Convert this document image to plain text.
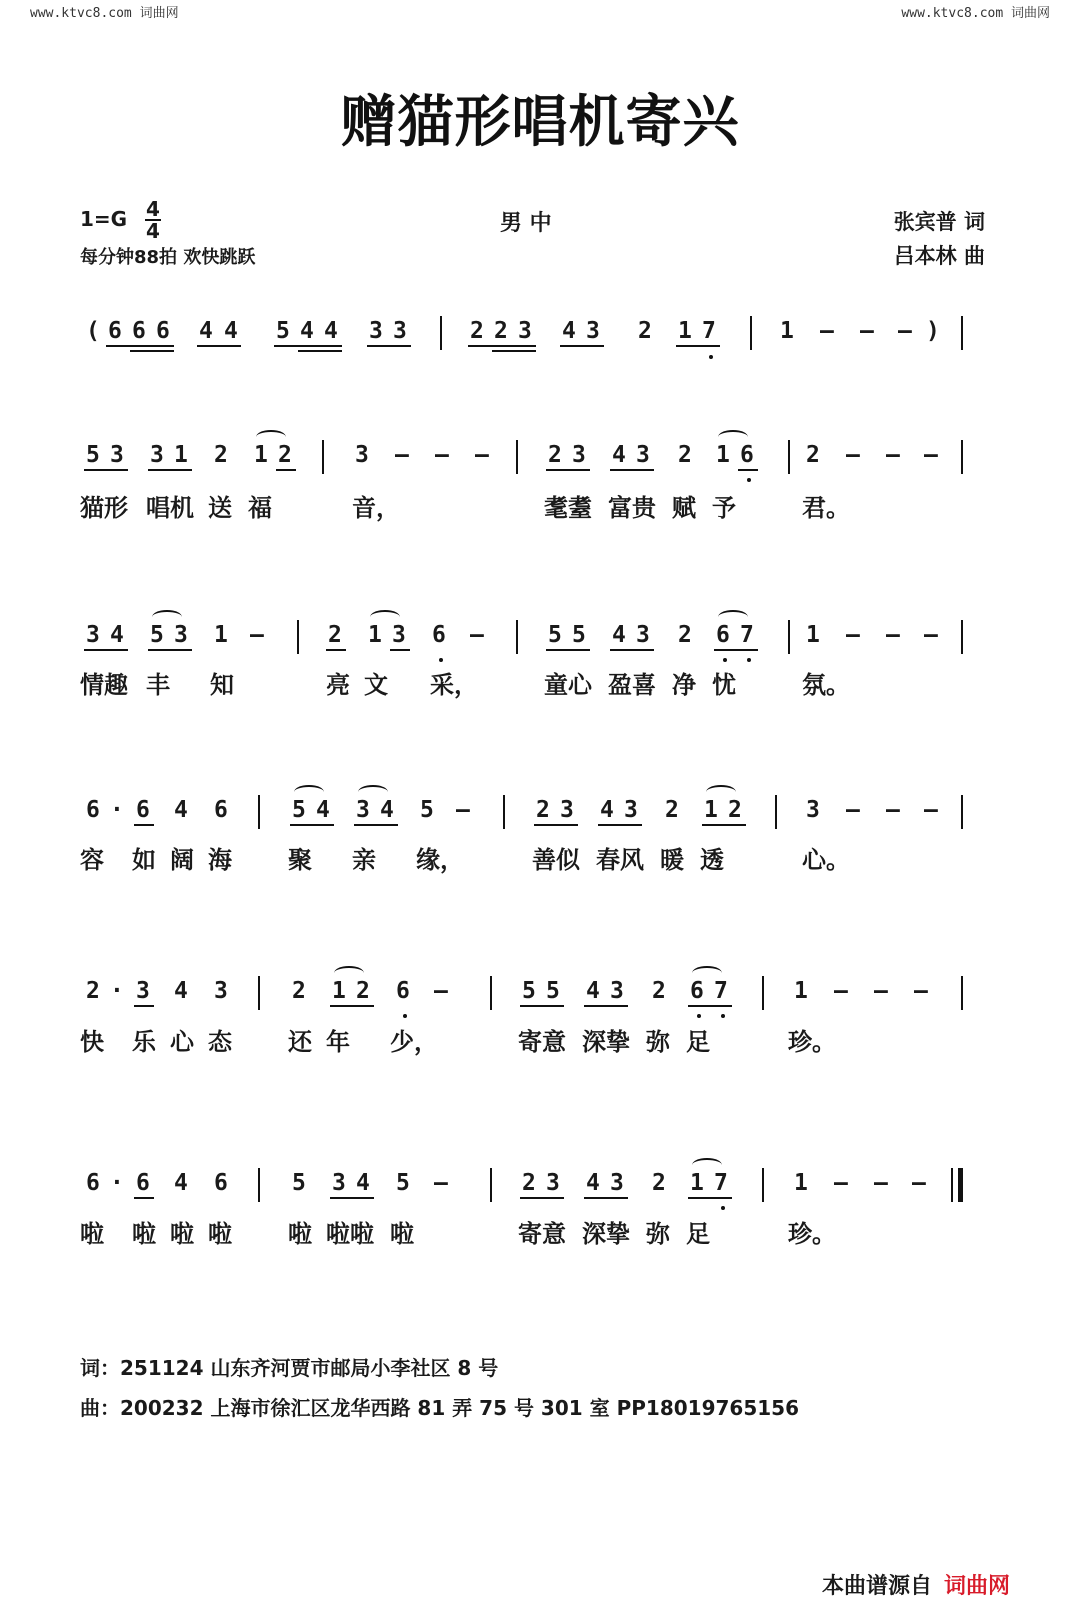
www.ktvc8.com 词曲网	www.ktvc8.com 词曲网
赠猫形唱机寄兴
1=G 4
4
每分钟88拍 欢快跳跃
男 中	张宾普 词
吕本林 曲
( 6 6 6 4 4 5 4 4 3 3	2 2 3 4 3 2 1 7	1 – – – )
5 3 3 1 2 1 2	3 – – –	2 3 4 3 2 1 6 2 – – –
猫形 唱机 送 福	音，	耄耋 富贵 赋 予	君。
3 4 5 3 1 –	2 1 3 6 –	5 5 4 3 2 6 7 1 – – –
情趣 丰 知	亮 文 采，	童心 盈喜 净 忧	氛。
6 · 6 4 6	5 4 3 4 5 –	2 3 4 3 2 1 2	3 – – –
容 如 阔 海 聚 亲 缘，	善似 春风 暖 透	心。
2 · 3 4 3	2 1 2 6 –	5 5 4 3 2 6 7	1 – – –
快 乐 心 态 还 年 少，	寄意 深挚 弥 足	珍。
6 · 6 4 6	5 3 4 5 –	2 3 4 3 2 1 7	1 – – –
啦 啦 啦 啦 啦 啦啦 啦	寄意 深挚 弥 足	珍。
词：251124 山东齐河贾市邮局小李社区 8 号
曲：200232 上海市徐汇区龙华西路 81 弄 75 号 301 室 PP18019765156
本曲谱源自 词曲网
